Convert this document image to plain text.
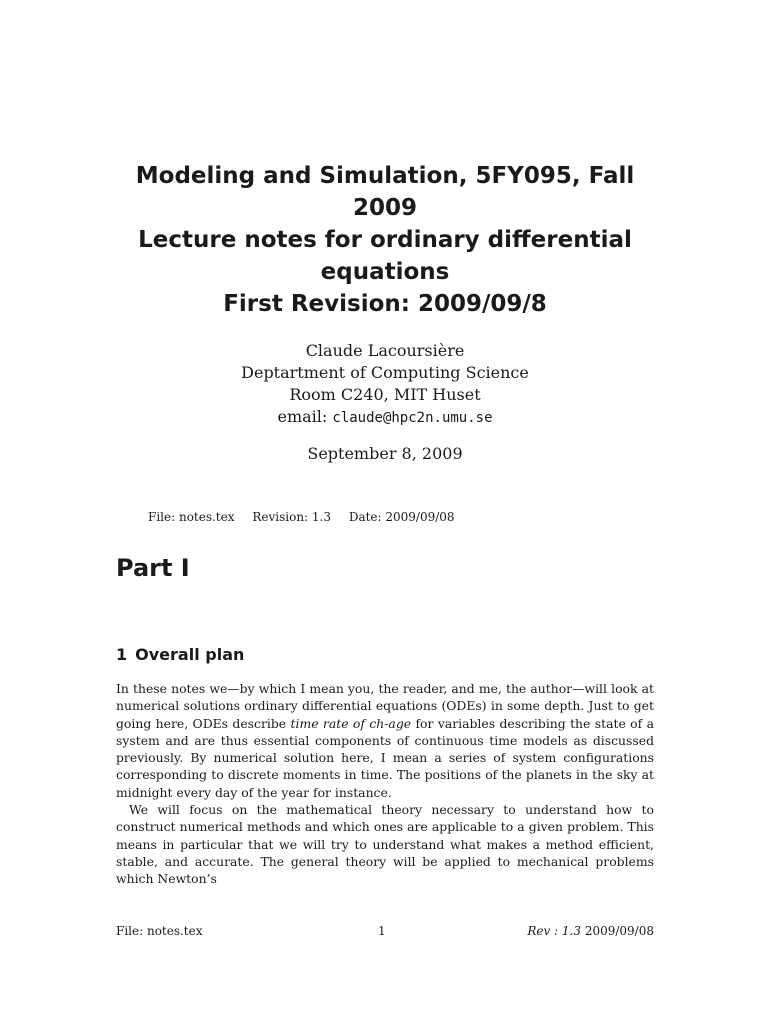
Modeling and Simulation, 5FY095, Fall
2009
Lecture notes for ordinary differential
equations
First Revision: 2009/09/8
Claude Lacoursière
Deptartment of Computing Science
Room C240, MIT Huset
email: claude@hpc2n.umu.se
September 8, 2009
File: notes.tex Revision: 1.3 Date: 2009/09/08
Part I
1 Overall plan

In these notes we—by which I mean you, the reader, and me, the author—will look at numerical solutions ordinary differential equations (ODEs) in some depth. Just to get going here, ODEs describe time rate of ch-age for variables describing the state of a system and are thus essential components of continuous time models as discussed previously. By numerical solution here, I mean a series of system configurations corresponding to discrete moments in time. The positions of the planets in the sky at midnight every day of the year for instance.

We will focus on the mathematical theory necessary to understand how to construct numerical methods and which ones are applicable to a given problem. This means in particular that we will try to understand what makes a method efficient, stable, and accurate. The general theory will be applied to mechanical problems which Newton’s

File: notes.tex	1	Rev : 1.3 2009/09/08
